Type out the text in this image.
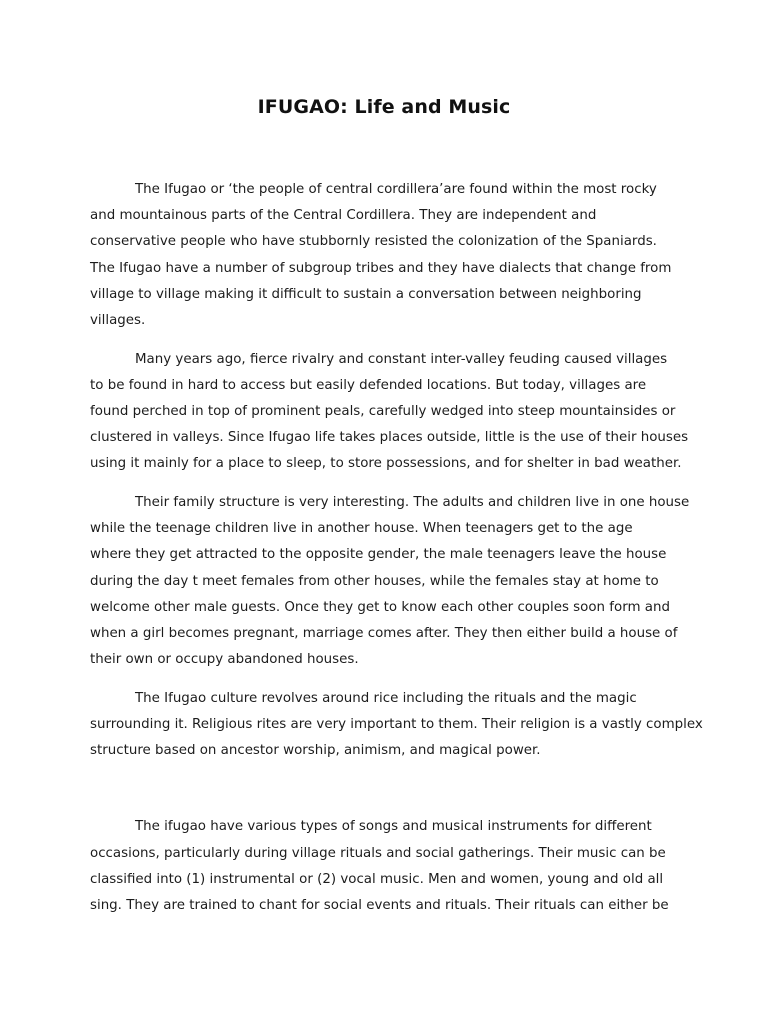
IFUGAO: Life and Music
The Ifugao or ‘the people of central cordillera’are found within the most rocky
and mountainous parts of the Central Cordillera. They are independent and
conservative people who have stubbornly resisted the colonization of the Spaniards.
The Ifugao have a number of subgroup tribes and they have dialects that change from
village to village making it difficult to sustain a conversation between neighboring
villages.
Many years ago, fierce rivalry and constant inter-valley feuding caused villages
to be found in hard to access but easily defended locations. But today, villages are
found perched in top of prominent peals, carefully wedged into steep mountainsides or
clustered in valleys. Since Ifugao life takes places outside, little is the use of their houses
using it mainly for a place to sleep, to store possessions, and for shelter in bad weather.
Their family structure is very interesting. The adults and children live in one house
while the teenage children live in another house. When teenagers get to the age
where they get attracted to the opposite gender, the male teenagers leave the house
during the day t meet females from other houses, while the females stay at home to
welcome other male guests. Once they get to know each other couples soon form and
when a girl becomes pregnant, marriage comes after. They then either build a house of
their own or occupy abandoned houses.
The Ifugao culture revolves around rice including the rituals and the magic
surrounding it. Religious rites are very important to them. Their religion is a vastly complex
structure based on ancestor worship, animism, and magical power.
The ifugao have various types of songs and musical instruments for different
occasions, particularly during village rituals and social gatherings. Their music can be
classified into (1) instrumental or (2) vocal music. Men and women, young and old all
sing. They are trained to chant for social events and rituals. Their rituals can either be
